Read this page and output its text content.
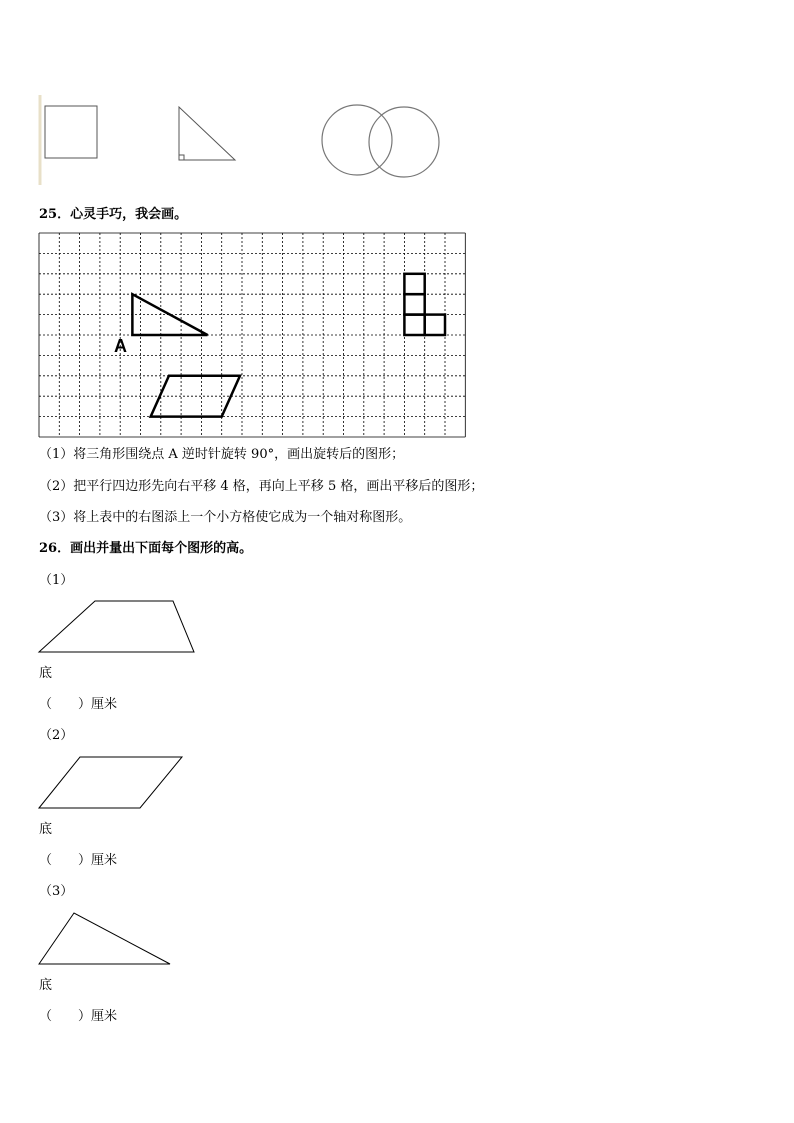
25．心灵手巧，我会画。
A
（1）将三角形围绕点 A 逆时针旋转 90°，画出旋转后的图形；
（2）把平行四边形先向右平移 4 格，再向上平移 5 格，画出平移后的图形；
（3）将上表中的右图添上一个小方格使它成为一个轴对称图形。
26．画出并量出下面每个图形的高。
（1）
底
（ ）厘米
（2）
底
（ ）厘米
（3）
底
（ ）厘米
